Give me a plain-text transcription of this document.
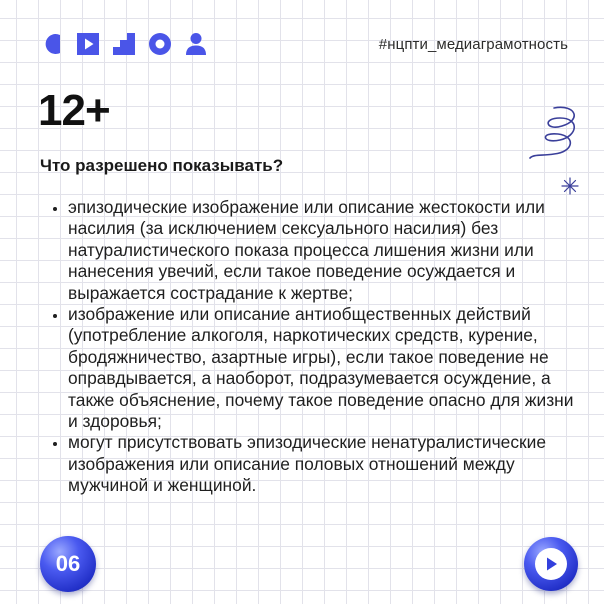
#нцпти_медиаграмотность
12+
Что разрешено показывать?
• эпизодические изображение или описание жестокости или насилия (за исключением сексуального насилия) без натуралистического показа процесса лишения жизни или нанесения увечий, если такое поведение осуждается и выражается сострадание к жертве;
• изображение или описание антиобщественных действий (употребление алкоголя, наркотических средств, курение, бродяжничество, азартные игры), если такое поведение не оправдывается, а наоборот, подразумевается осуждение, а также объяснение, почему такое поведение опасно для жизни и здоровья;
• могут присутствовать эпизодические ненатуралистические изображения или описание половых отношений между мужчиной и женщиной.
06
